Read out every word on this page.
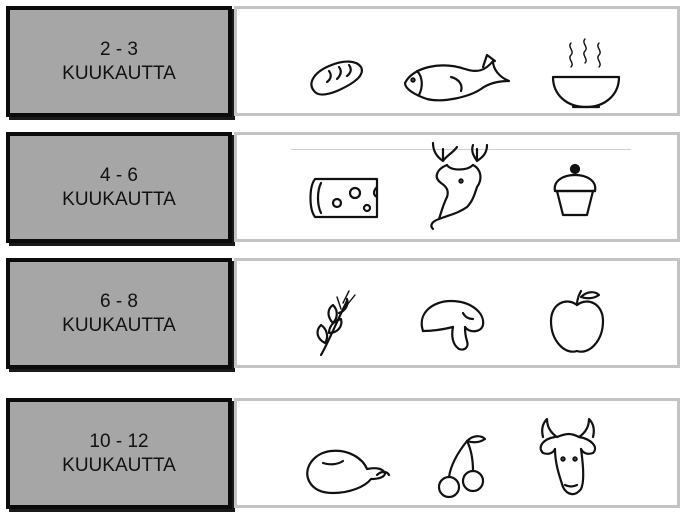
2 - 3
KUUKAUTTA
4 - 6
KUUKAUTTA
6 - 8
KUUKAUTTA
10 - 12
KUUKAUTTA
